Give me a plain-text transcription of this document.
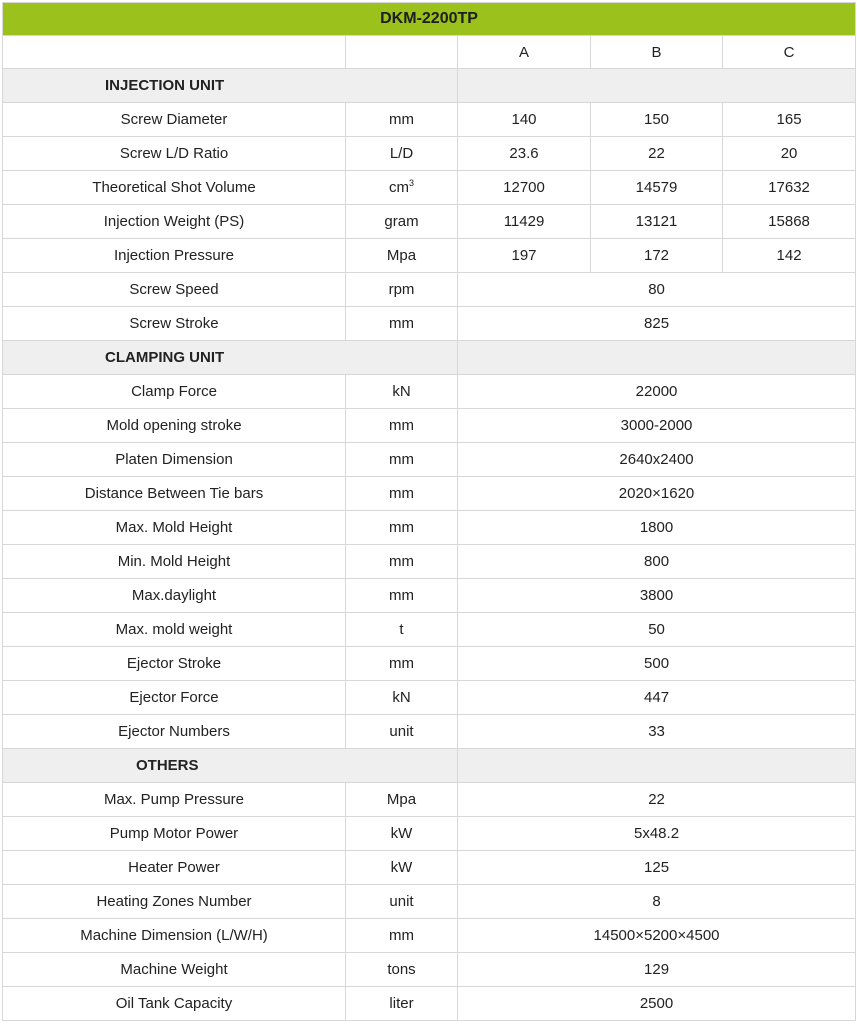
DKM-2200TP				
		A	B	C
INJECTION UNIT				
Screw Diameter	mm	140	150	165
Screw L/D Ratio	L/D	23.6	22	20
Theoretical Shot Volume	$cm^3$	12700	14579	17632
Injection Weight (PS)	gram	11429	13121	15868
Injection Pressure	Mpa	197	172	142
Screw Speed	rpm	80		
Screw Stroke	mm	825		
CLAMPING UNIT				
Clamp Force	kN	22000		
Mold opening stroke	mm	3000-2000		
Platen Dimension	mm	2640x2400		
Distance Between Tie bars	mm	2020×1620		
Max. Mold Height	mm	1800		
Min. Mold Height	mm	800		
Max.daylight	mm	3800		
Max. mold weight	t	50		
Ejector Stroke	mm	500		
Ejector Force	kN	447		
Ejector Numbers	unit	33		
OTHERS				
Max. Pump Pressure	Mpa	22		
Pump Motor Power	kW	5x48.2		
Heater Power	kW	125		
Heating Zones Number	unit	8		
Machine Dimension (L/W/H)	mm	14500×5200×4500		
Machine Weight	tons	129		
Oil Tank Capacity	liter	2500		
